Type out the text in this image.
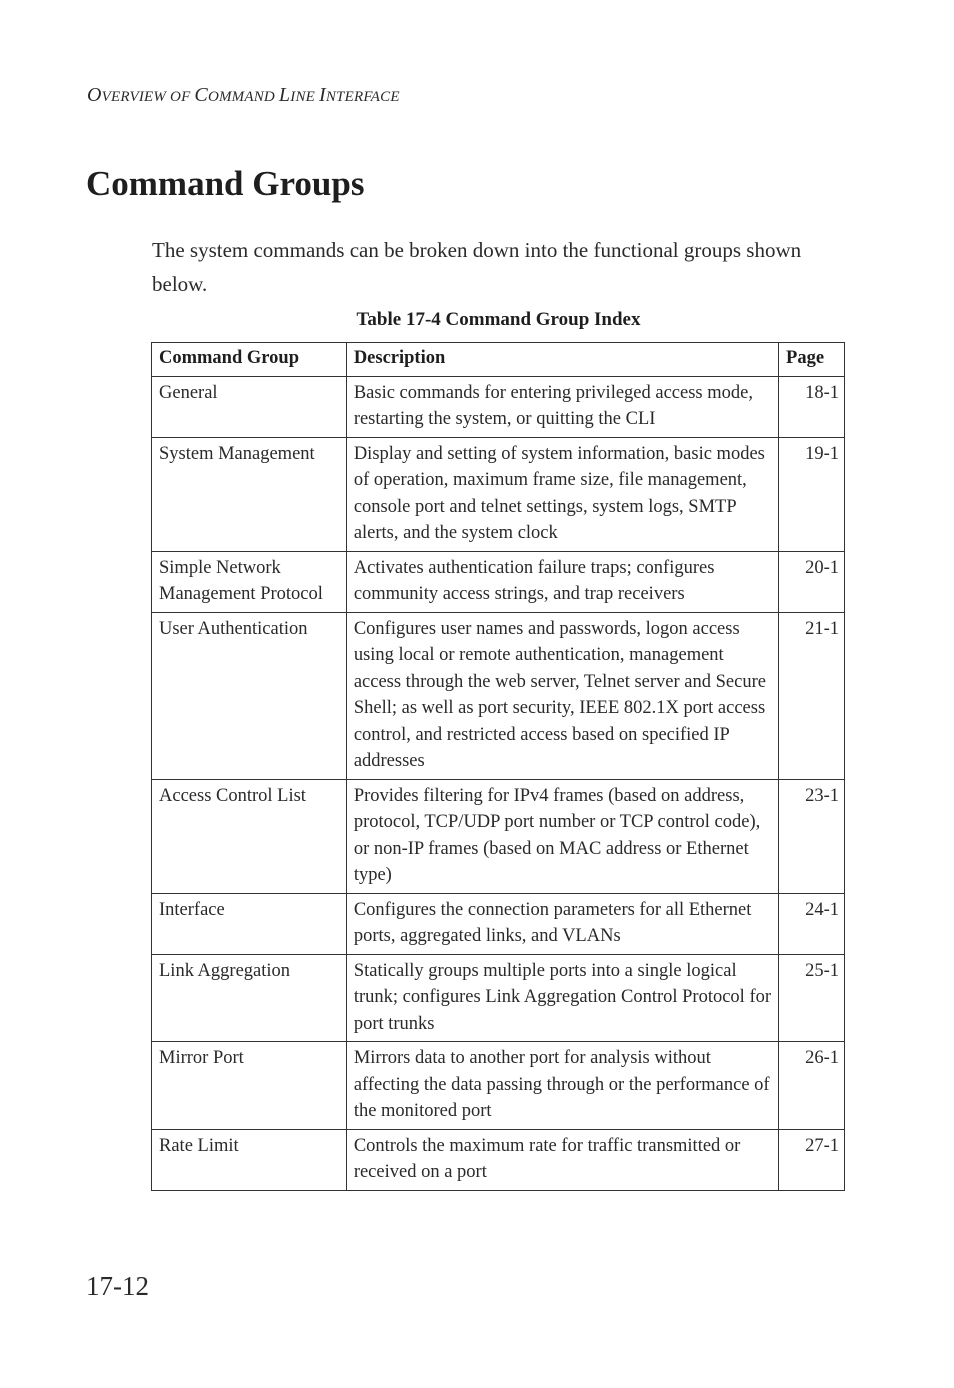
OVERVIEW OF COMMAND LINE INTERFACE
Command Groups

The system commands can be broken down into the functional groups shown below.

Table 17-4 Command Group Index
Command Group	Description	Page
General	Basic commands for entering privileged access mode, restarting the system, or quitting the CLI	18-1
System Management	Display and setting of system information, basic modes of operation, maximum frame size, file management, console port and telnet settings, system logs, SMTP alerts, and the system clock	19-1
Simple Network Management Protocol	Activates authentication failure traps; configures community access strings, and trap receivers	20-1
User Authentication	Configures user names and passwords, logon access using local or remote authentication, management access through the web server, Telnet server and Secure Shell; as well as port security, IEEE 802.1X port access control, and restricted access based on specified IP addresses	21-1
Access Control List	Provides filtering for IPv4 frames (based on address, protocol, TCP/UDP port number or TCP control code), or non-IP frames (based on MAC address or Ethernet type)	23-1
Interface	Configures the connection parameters for all Ethernet ports, aggregated links, and VLANs	24-1
Link Aggregation	Statically groups multiple ports into a single logical trunk; configures Link Aggregation Control Protocol for port trunks	25-1
Mirror Port	Mirrors data to another port for analysis without affecting the data passing through or the performance of the monitored port	26-1
Rate Limit	Controls the maximum rate for traffic transmitted or received on a port	27-1
17-12
